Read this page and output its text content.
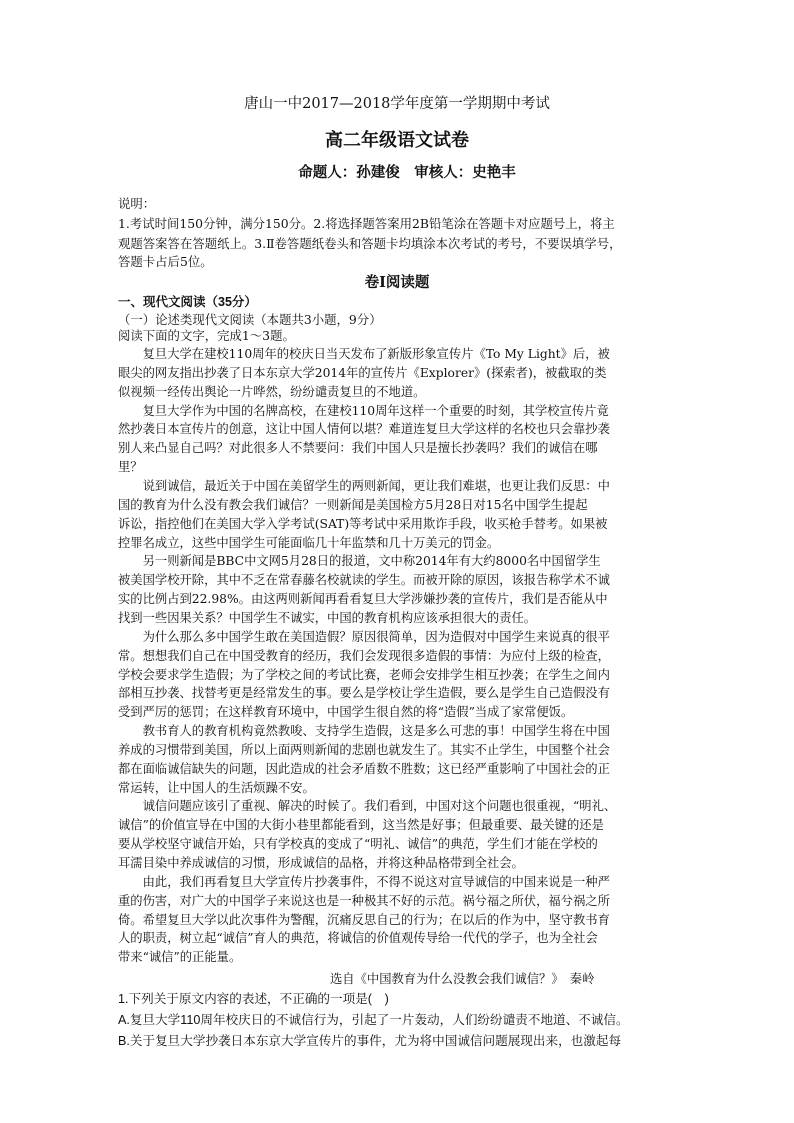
唐山一中2017—2018学年度第一学期期中考试
高二年级语文试卷
命题人：孙建俊　审核人：史艳丰
说明：
1.考试时间150分钟，满分150分。2.将选择题答案用2B铅笔涂在答题卡对应题号上，将主
观题答案答在答题纸上。3.Ⅱ卷答题纸卷头和答题卡均填涂本次考试的考号，不要误填学号，
答题卡占后5位。
卷Ⅰ阅读题
一、现代文阅读（35分）
（一）论述类现代文阅读（本题共3小题，9分）
阅读下面的文字，完成1～3题。
　　复旦大学在建校110周年的校庆日当天发布了新版形象宣传片《To My Light》后，被
眼尖的网友指出抄袭了日本东京大学2014年的宣传片《Explorer》(探索者)，被截取的类
似视频一经传出舆论一片哗然，纷纷谴责复旦的不地道。
　　复旦大学作为中国的名牌高校，在建校110周年这样一个重要的时刻，其学校宣传片竟
然抄袭日本宣传片的创意，这让中国人情何以堪？难道连复旦大学这样的名校也只会靠抄袭
别人来凸显自己吗？对此很多人不禁要问：我们中国人只是擅长抄袭吗？我们的诚信在哪
里？
　　说到诚信，最近关于中国在美留学生的两则新闻，更让我们难堪，也更让我们反思：中
国的教育为什么没有教会我们诚信？一则新闻是美国检方5月28日对15名中国学生提起
诉讼，指控他们在美国大学入学考试(SAT)等考试中采用欺诈手段，收买枪手替考。如果被
控罪名成立，这些中国学生可能面临几十年监禁和几十万美元的罚金。
　　另一则新闻是BBC中文网5月28日的报道，文中称2014年有大约8000名中国留学生
被美国学校开除，其中不乏在常春藤名校就读的学生。而被开除的原因，该报告称学术不诚
实的比例占到22.98%。由这两则新闻再看看复旦大学涉嫌抄袭的宣传片，我们是否能从中
找到一些因果关系？中国学生不诚实，中国的教育机构应该承担很大的责任。
　　为什么那么多中国学生敢在美国造假？原因很简单，因为造假对中国学生来说真的很平
常。想想我们自己在中国受教育的经历，我们会发现很多造假的事情：为应付上级的检查，
学校会要求学生造假；为了学校之间的考试比赛，老师会安排学生相互抄袭；在学生之间内
部相互抄袭、找替考更是经常发生的事。要么是学校让学生造假，要么是学生自己造假没有
受到严厉的惩罚；在这样教育环境中，中国学生很自然的将“造假”当成了家常便饭。
　　教书育人的教育机构竟然教唆、支持学生造假，这是多么可悲的事！中国学生将在中国
养成的习惯带到美国，所以上面两则新闻的悲剧也就发生了。其实不止学生，中国整个社会
都在面临诚信缺失的问题，因此造成的社会矛盾数不胜数；这已经严重影响了中国社会的正
常运转，让中国人的生活烦躁不安。
　　诚信问题应该引了重视、解决的时候了。我们看到，中国对这个问题也很重视，“明礼、
诚信”的价值宣导在中国的大街小巷里都能看到，这当然是好事；但最重要、最关键的还是
要从学校坚守诚信开始，只有学校真的变成了“明礼、诚信”的典范，学生们才能在学校的
耳濡目染中养成诚信的习惯，形成诚信的品格，并将这种品格带到全社会。
　　由此，我们再看复旦大学宣传片抄袭事件，不得不说这对宣导诚信的中国来说是一种严
重的伤害，对广大的中国学子来说这也是一种极其不好的示范。祸兮福之所伏，福兮祸之所
倚。希望复旦大学以此次事件为警醒，沉痛反思自己的行为；在以后的作为中，坚守教书育
人的职责，树立起“诚信”育人的典范，将诚信的价值观传导给一代代的学子，也为全社会
带来“诚信”的正能量。
选自《中国教育为什么没教会我们诚信？》　秦岭
1.下列关于原文内容的表述，不正确的一项是(　)
A.复旦大学110周年校庆日的不诚信行为，引起了一片轰动，人们纷纷谴责不地道、不诚信。
B.关于复旦大学抄袭日本东京大学宣传片的事件，尤为将中国诚信问题展现出来，也激起每
